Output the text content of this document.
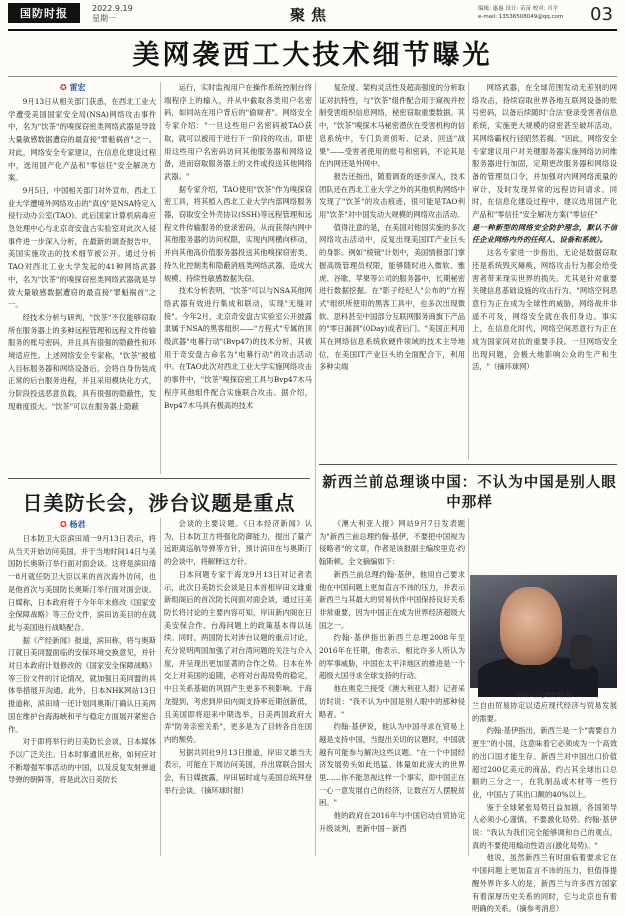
国防时报	2022.9.19
星期一	聚焦	编辑: 惠惠 设计: 苗苗 校对: 川平
e-mail: 13536508049@qq.com	03
美网袭西工大技术细节曝光
✪ 雷宏

9月13日从相关部门获悉，在西北工业大学遭受美国国家安全局(NSA)网络攻击事件中，名为"饮茶"的嗅探窃密类网络武器是导致大量敏感数据遭窃的最直接"罪魁祸首"之一。对此，网络安全专家建议，在信息化建设过程中，选用国产化产品和"零信任"安全解决方案。

9月5日，中国相关部门对外宣布，西北工业大学遭境外网络攻击的"真凶"是NSA特定入侵行动办公室(TAO)。此后国家计算机病毒应急处理中心与北京奇安盘古实验室对此次入侵事件进一步深入分析，在最新的调查报告中，美国实施攻击的技术细节被公开。通过分析TAO对西北工业大学发起的41种网络武器中，名为"饮茶"的嗅探窃密类网络武器就是导致大量敏感数据遭窃的最直接"罪魁祸首"之一。

经技术分析与研判，"饮茶"不仅能够窃取所在服务器上的多种远程管理和远程文件传输服务的账号密码，并且具有很强的隐蔽性和环境适应性。上述网络安全专家称，"饮茶"被植入目标服务器和网络设备后，会将自身伪装成正常的后台服务进程，并且采用模块化方式，分阶段投送恶意负载，具有很强的隐蔽性，发现难度很大。"饮茶"可以在服务器上隐蔽

运行，实时监视用户在操作系统控制台终端程序上的输入，并从中截取各类用户名密码，如同站在用户背后的"偷窥者"。网络安全专家介绍："一旦这些用户名密码被TAO获取，就可以被用于进行下一阶段的攻击，即使用这些用户名密码访问其他服务器和网络设备，进而窃取服务器上的文件或投送其他网络武器。"

据专家介绍，TAO使用"饮茶"作为嗅探窃密工具，将其植入西北工业大学内部网络服务器，窃取安全外壳协议(SSH)等远程管理和远程文件传输服务的登录密码，从而获得内网中其他服务器的访问权限，实现内网横向移动，并向其他高价值服务器投送其他嗅探窃密类、持久化控制类和隐蔽消痕类网络武器，造成大规模、持续性敏感数据失窃。

技术分析表明，"饮茶"可以与NSA其他网络武器有效进行集成和联动，实现"无缝对接"。今年2月，北京奇安盘古实验室公开披露隶属于NSA的黑客组织——"方程式"专属的顶级武器"电幕行动"(Bvp47)的技术分析，其被用于奇安盘古命名为"电幕行动"的攻击活动中。在TAO此次对西北工业大学实施网络攻击的事件中，"饮茶"嗅探窃密工具与Bvp47木马程序其他组件配合实施联合攻击。据介绍，Bvp47木马具有极高的技术

复杂度、架构灵活性及超高强度的分析取证对抗特性，与"饮茶"组件配合用于窥视并控制受害组织信息网络，秘密窃取重要数据。其中，"饮茶"嗅探木马秘密潜伏在受害机构的信息系统中，专门负责侦听、记录、回送"战果"——受害者使用的账号和密码，不论其是在内网还是外网中。

报告还指出，随着调查的逐步深入，技术团队还在西北工业大学之外的其他机构网络中发现了"饮茶"的攻击痕迹，很可能是TAO利用"饮茶"对中国发动大规模的网络攻击活动。

值得注意的是，在美国对他国实施的多次网络攻击活动中，反复出现美国IT产业巨头的身影。例如"棱镜"计划中，美国情报部门掌握高级管理员权限，能够随时进入微软、雅虎、谷歌、苹果等公司的服务器中，长期秘密进行数据挖掘。在"影子经纪人"公布的"方程式"组织所使用的黑客工具中，也多次出现微软、思科甚至中国部分互联网服务商旗下产品的"零日漏洞"(0Day)或者后门。"美国正利用其在网络信息系统软硬件领域的技术主导地位，在美国IT产业巨头的全面配合下，利用多种尖端

网络武器，在全球范围发动无差别的网络攻击，持续窃取世界各地互联网设备的账号密码，以备后续随时'合法'登录受害者信息系统，实施更大规模的窃密甚至破坏活动，其网络霸权行径昭然若揭。"因此，网络安全专家建议用户对关键服务器实施网络访问维服务器进行加固，定期更改服务器和网络设备的管理员口令，并加强对内网网络流量的审计，及时发现异常的远程访问请求。同时，在信息化建设过程中，建议选用国产化产品和"零信任"安全解决方案("零信任"

是一种新型的网络安全防护理念，默认不信任企业网络内外的任何人、设备和系统）。

这名专家进一步指出，无论是数据窃取还是系统毁灭瘫痪，网络攻击行为都会给受害者带来现实世界的损失。尤其是针对重要关键信息基础设施的攻击行为，"网络空间恶意行为正在成为全球性的威胁，网络战并非遥不可及，网络安全就在我们身边。事实上，在信息化时代，网络空间恶意行为正在成为国家间对抗的重要手段。一旦网络安全出现问题，会极大地影响公众的生产和生活，"（摘环球网）

日美防长会，涉台议题是重点
✪ 杨君

日本防卫大臣滨田靖一9月13日表示，将从当天开始访问美国，并于当地时间14日与美国防长奥斯汀举行面对面会谈。这将是滨田靖一8月就任防卫大臣以来的首次海外访问，也是他首次与美国防长奥斯汀举行面对面会谈。日媒称，日本政府将于今年年末修改《国家安全保障战略》等三份文件，滨田访美目的在就此与美国进行战略配合。

据《产经新闻》报道，滨田称，将与奥斯汀就日美同盟面临的安保环境交换意见，并针对日本政府计划修改的《国家安全保障战略》等三份文件的讨论情况，就加强日美同盟的具体举措展开沟通。此外，日本NHK网站13日报道称，滨田靖一还计划同奥斯汀确认日美两国在维护台海海峡和平与稳定方面展开紧密合作。

对于即将举行的日美防长会谈，日本媒体予以广泛关注。日本时事通讯社称，如何应对不断增强军事活动的中国，以及反复发射弹道导弹的朝鲜等，将是此次日美防长

会谈的主要议题。《日本经济新闻》认为，日本防卫方将强化防御能力，提出了量产远距离巡航导弹等方针，预计滨田在与奥斯汀的会谈中，将解释这方针。

日本问题专家于海龙9月13日对记者表示，此次日美防长会谈是日本首相岸田文雄重新组阁后的首次防长间面对面会谈，通过日美防长将讨论的主要内容可知，岸田新内阁在日美安保合作、台海问题上的政策基本得以延续。同时，两国防长对涉台议题的重点讨论，充分说明两国加强了对台湾问题的关注与介入度，并呈现出更加显著的合作之势。日本在外交上对美国的追随，必将对台海局势的稳定，中日关系基础的巩固产生更多不利影响。于海龙提到，考虑到岸田内阁支持率近期创新低，且美国即将迎来中期选举，日美两国政府大弄"防务亲密关系"，更多是为了目转各自在国内的颓势。

另据共同社9月13日报道，岸田文雄当天表示，可能在下周访问美国，并出席联合国大会，有日媒披露，岸田届时或与美国总统拜登举行会谈。（摘环球时报）

新西兰前总理谈中国：不认为中国是别人眼中那样

《澳大利亚人报》网站9月7日发表题为"新西兰前总理约翰·基伊，不要把中国视为侵略者"的文章，作者是该报副主编埃里克·约翰斯顿。全文摘编如下：

新西兰前总理约翰·基伊，他用自己要求他在中国问题上更加直言不讳的压力，并表示新西兰与其最大的贸易伙伴中国保持良好关系非常重要，因为中国正在成为世界经济超级大国之一。

约翰·基伊指出新西兰总理2008年至2016年在任期，他表示，相比许多人所认为的军事威胁，中国在太平洋地区的推进是一个超级大国寻求全球支持的行动。

他在奥克兰接受《澳大利亚人报》记者采访时说："我不认为中国是别人眼中的那种侵略者。"

约翰·基伊说，他认为中国寻求在贸易上越是支持中国，当提出关切的议题时，中国就越有可能参与解决这些议题。"在一个中国经济发展势头如此迅猛、体量如此庞大的世界里……你不能忽视这样一个事实，即中国正在一心一意发展自己的经济，让数百万人摆脱贫困。"

他的政府在2016年与中国启动自贸协定升级谈判，更新中国－新西

新西兰前总理约翰·基

兰自由贸易协定以适应现代经济与贸易发展的需要。

约翰·基伊指出，新西兰是一个"需要自力更生"的小国，这意味着它必须成为一个高效的出口国才能生存。新西兰对中国出口价值超过200亿美元的商品，约占其全球出口总额的三分之一，在乳制品或木材等一些行业，中国占了其出口额的40%以上。

鉴于全球紧张局势日益加剧，各国领导人必须小心谨慎，不要激化局势。约翰·基伊说："我认为我们完全能够调和自己的观点，真的不要使用煽动性语言(激化局势)。"

他说，虽然新西兰有时面临着要求它在中国问题上更加直言不讳的压力，但值得提醒外界许多人的是，新西兰与许多西方国家有着深厚历史关系的同时，它与北京也有着明确的关系。（摘参考消息）
